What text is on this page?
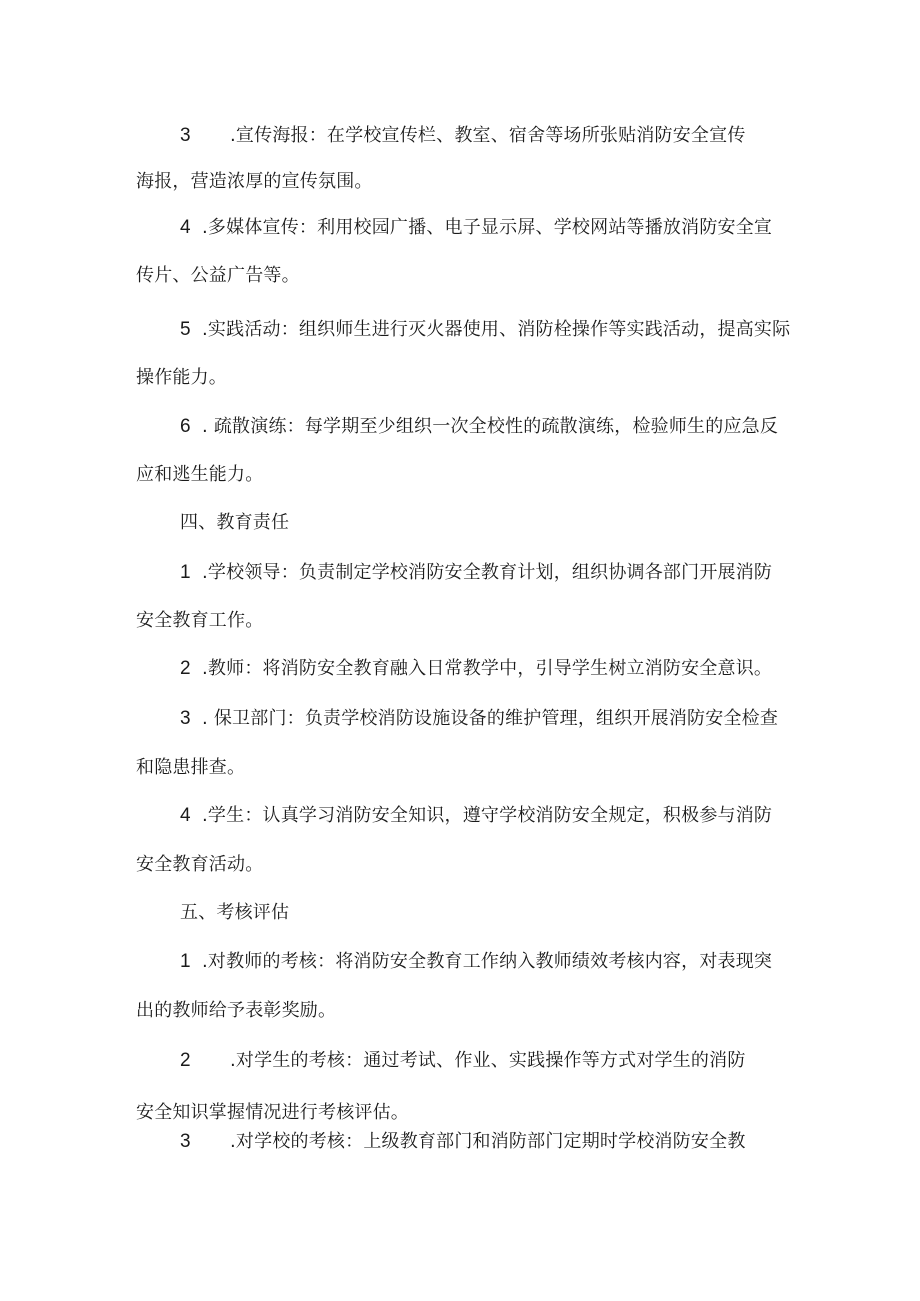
3 .宣传海报：在学校宣传栏、教室、宿舍等场所张贴消防安全宣传
海报，营造浓厚的宣传氛围。
4 .多媒体宣传：利用校园广播、电子显示屏、学校网站等播放消防安全宣
传片、公益广告等。
5 .实践活动：组织师生进行灭火器使用、消防栓操作等实践活动，提高实际
操作能力。
6 . 疏散演练：每学期至少组织一次全校性的疏散演练，检验师生的应急反
应和逃生能力。
四、教育责任
1 .学校领导：负责制定学校消防安全教育计划，组织协调各部门开展消防
安全教育工作。
2 .教师：将消防安全教育融入日常教学中，引导学生树立消防安全意识。
3 . 保卫部门：负责学校消防设施设备的维护管理，组织开展消防安全检查
和隐患排查。
4 .学生：认真学习消防安全知识，遵守学校消防安全规定，积极参与消防
安全教育活动。
五、考核评估
1 .对教师的考核：将消防安全教育工作纳入教师绩效考核内容，对表现突
出的教师给予表彰奖励。
2 .对学生的考核：通过考试、作业、实践操作等方式对学生的消防
安全知识掌握情况进行考核评估。
3 .对学校的考核：上级教育部门和消防部门定期时学校消防安全教
